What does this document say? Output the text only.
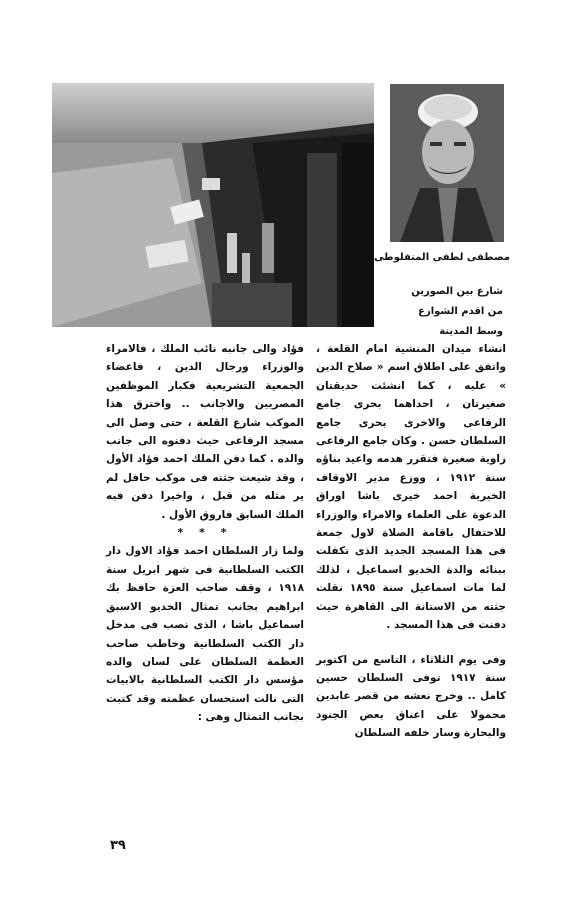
مصطفى لطفى المنفلوطى
شارع بين الصورين
من اقدم الشوارع
وسط المدينة

انشاء ميدان المنشية امام القلعة ، واتفق على اطلاق اسم « صلاح الدين » عليه ، كما انشئت حديقتان صغيرتان ، احداهما بحرى جامع الرفاعى والاخرى بحرى جامع السلطان حسن . وكان جامع الرفاعى زاوية صغيرة فتقرر هدمه واعيد بناؤه سنة ١٩١٢ ، ووزع مدير الاوقاف الخيرية احمد خيرى باشا اوراق الدعوة على العلماء والامراء والوزراء للاحتفال باقامة الصلاة لاول جمعة فى هذا المسجد الجديد الذى تكفلت ببنائه والدة الخديو اسماعيل ، لذلك لما مات اسماعيل سنة ١٨٩٥ نقلت جثته من الاستانة الى القاهرة حيث دفنت فى هذا المسجد .

وفى يوم الثلاثاء ، التاسع من اكتوبر سنة ١٩١٧ توفى السلطان حسين كامل .. وخرج نعشه من قصر عابدين محمولا على اعناق بعض الجنود والبحارة وسار خلفه السلطان

فؤاد والى جانبه نائب الملك ، فالامراء والوزراء ورجال الدين ، فاعضاء الجمعية التشريعية فكبار الموظفين المصريين والاجانب .. واخترق هذا الموكب شارع القلعة ، حتى وصل الى مسجد الرفاعى حيث دفنوه الى جانب والده . كما دفن الملك احمد فؤاد الأول ، وقد شيعت جثته فى موكب حافل لم ير مثله من قبل ، واخيرا دفن فيه الملك السابق فاروق الأول .

* * *

ولما زار السلطان احمد فؤاد الاول دار الكتب السلطانية فى شهر ابريل سنة ١٩١٨ ، وقف صاحب العزة حافظ بك ابراهيم بجانب تمثال الخديو الاسبق اسماعيل باشا ، الذى نصب فى مدخل دار الكتب السلطانية وخاطب صاحب العظمة السلطان على لسان والده مؤسس دار الكتب السلطانية بالابيات التى نالت استحسان عظمته وقد كتبت بجانب التمثال وهى :

٣٩
